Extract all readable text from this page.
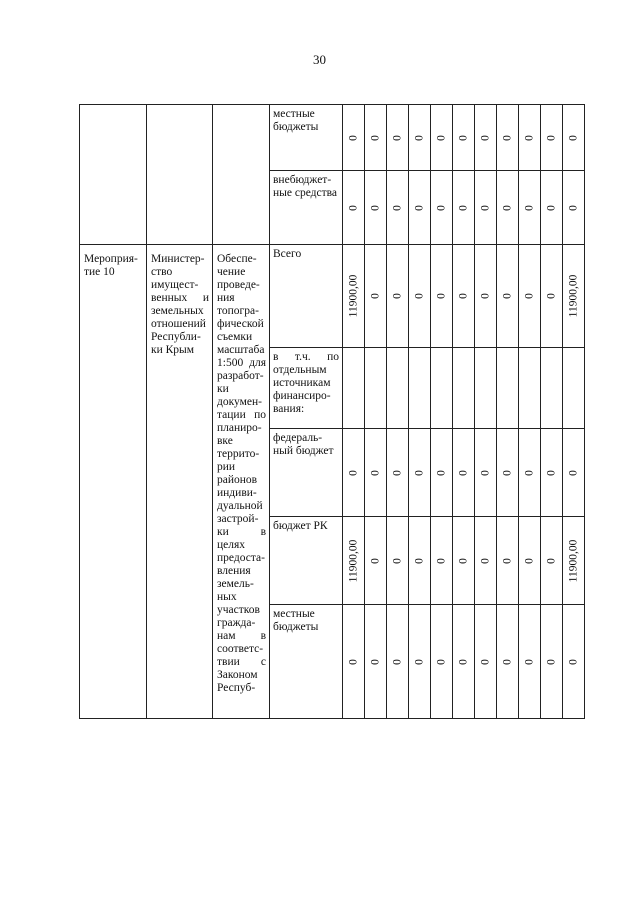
30

			местные бюджеты	0	0	0	0	0	0	0	0	0	0	0

			внебюджет-ные средства	0	0	0	0	0	0	0	0	0	0	0

Мероприя-тие 10	Министер-ство имущест-венных и земельных отношений Республи-ки Крым	Обеспе-чение проведе-ния топогра-фической съемки масштаба 1:500 для разработ-ки докумен-тации по планиро-вке террито-рии районов индиви-дуальной застрой-ки в целях предоста-вления земель-ных участков гражда-нам в соответс-твии с Законом Респуб-	Всего	11900,00	0	0	0	0	0	0	0	0	0	11900,00

			в т.ч. по отдельным источникам финансиро-вания:											

			федераль-ный бюджет	0	0	0	0	0	0	0	0	0	0	0

			бюджет РК	11900,00	0	0	0	0	0	0	0	0	0	11900,00

			местные бюджеты	0	0	0	0	0	0	0	0	0	0	0
